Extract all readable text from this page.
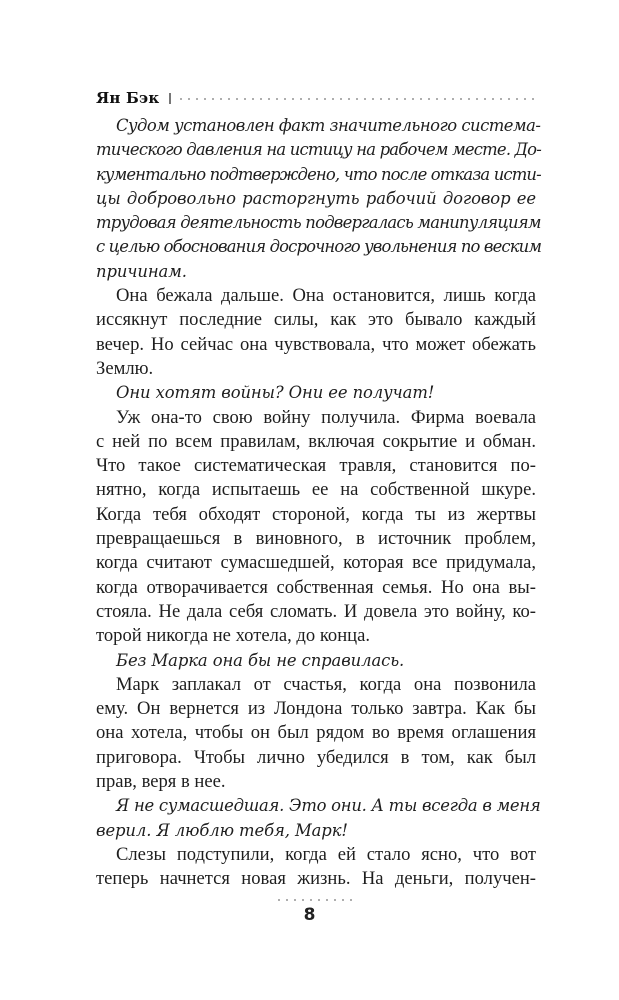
Ян Бэк
Судом установлен факт значительного система-
тического давления на истицу на рабочем месте. До-
кументально подтверждено, что после отказа исти-
цы добровольно расторгнуть рабочий договор ее
трудовая деятельность подвергалась манипуляциям
с целью обоснования досрочного увольнения по веским
причинам.
Она бежала дальше. Она остановится, лишь когда
иссякнут последние силы, как это бывало каждый
вечер. Но сейчас она чувствовала, что может обежать
Землю.
Они хотят войны? Они ее получат!
Уж она-то свою войну получила. Фирма воевала
с ней по всем правилам, включая сокрытие и обман.
Что такое систематическая травля, становится по-
нятно, когда испытаешь ее на собственной шкуре.
Когда тебя обходят стороной, когда ты из жертвы
превращаешься в виновного, в источник проблем,
когда считают сумасшедшей, которая все придумала,
когда отворачивается собственная семья. Но она вы-
стояла. Не дала себя сломать. И довела это войну, ко-
торой никогда не хотела, до конца.
Без Марка она бы не справилась.
Марк заплакал от счастья, когда она позвонила
ему. Он вернется из Лондона только завтра. Как бы
она хотела, чтобы он был рядом во время оглашения
приговора. Чтобы лично убедился в том, как был
прав, веря в нее.
Я не сумасшедшая. Это они. А ты всегда в меня
верил. Я люблю тебя, Марк!
Слезы подступили, когда ей стало ясно, что вот
теперь начнется новая жизнь. На деньги, получен-
8
